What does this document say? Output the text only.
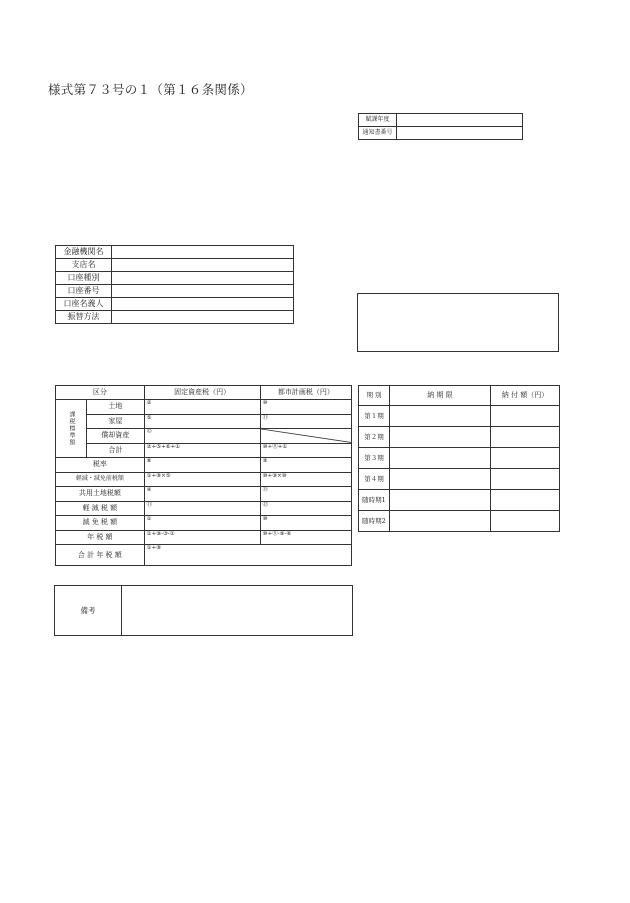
様式第７３号の１（第１６条関係）
賦課年度	
通知書番号	
金融機関名	
支店名	
口座種別	
口座番号	
口座名義人	
振替方法	
区分		固定資産税（円）	都市計画税（円）
課税標準額	土地	②	⑩
	家屋	⑤	⑪
	償却資産	©	

	合計	②+⑤+⑥+①	⑩+⑪+①
税率		⑧	⑨
軽減・減免前税額		①+⑧×⑤	⑩+⑨×⑩
共用土地税額		④	⑮
軽 減 税 額		⑪	⑫
減 免 税 額		①	⑩
年 税 額		①+⑨-③-①	⑩+⑪-⑨-⑥
合 計 年 税 額		①+⑧	
期 別	納 期 限	納 付 額（円）
第１期		
第２期		
第３期		
第４期		
随時期1		
随時期2		
備考
